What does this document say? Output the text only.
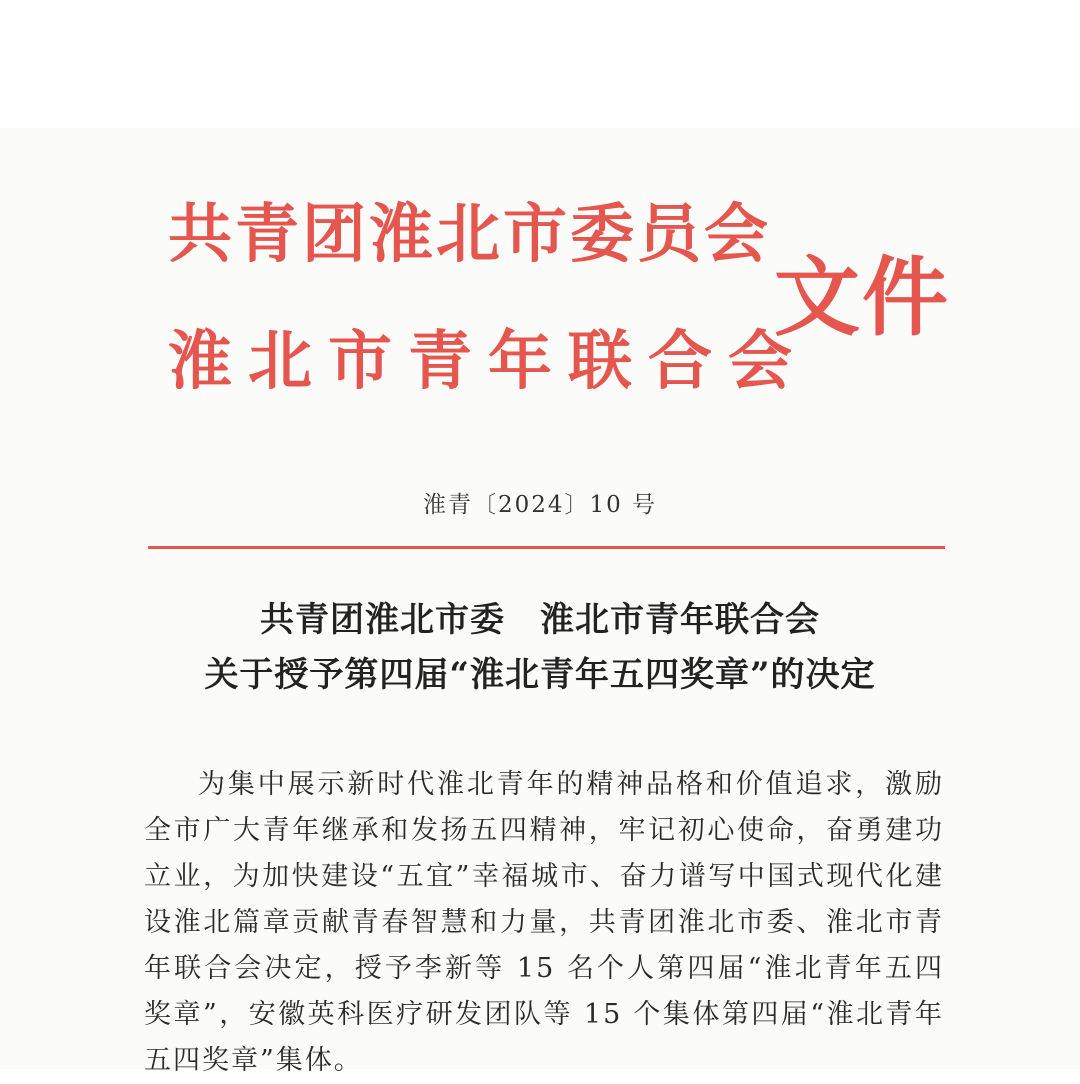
共青团淮北市委员会
淮北市青年联合会
文件
淮青〔2024〕10 号
共青团淮北市委　淮北市青年联合会
关于授予第四届“淮北青年五四奖章”的决定
为集中展示新时代淮北青年的精神品格和价值追求，激励全市广大青年继承和发扬五四精神，牢记初心使命，奋勇建功立业，为加快建设“五宜”幸福城市、奋力谱写中国式现代化建设淮北篇章贡献青春智慧和力量，共青团淮北市委、淮北市青年联合会决定，授予李新等 15 名个人第四届“淮北青年五四奖章”，安徽英科医疗研发团队等 15 个集体第四届“淮北青年五四奖章”集体。
